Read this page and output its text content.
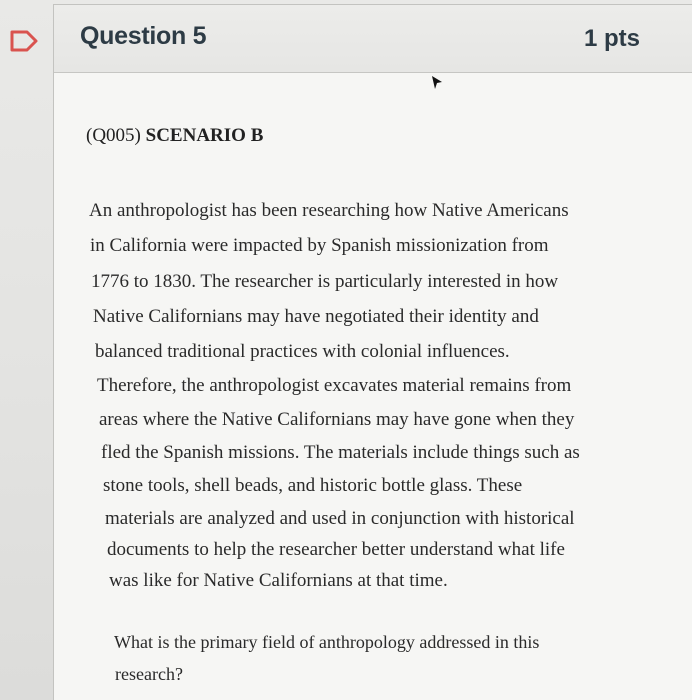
Question 5	1 pts
(Q005) SCENARIO B

An anthropologist has been researching how Native Americans

in California were impacted by Spanish missionization from

1776 to 1830. The researcher is particularly interested in how

Native Californians may have negotiated their identity and

balanced traditional practices with colonial influences.

Therefore, the anthropologist excavates material remains from

areas where the Native Californians may have gone when they

fled the Spanish missions. The materials include things such as

stone tools, shell beads, and historic bottle glass. These

materials are analyzed and used in conjunction with historical

documents to help the researcher better understand what life

was like for Native Californians at that time.

What is the primary field of anthropology addressed in this

research?
